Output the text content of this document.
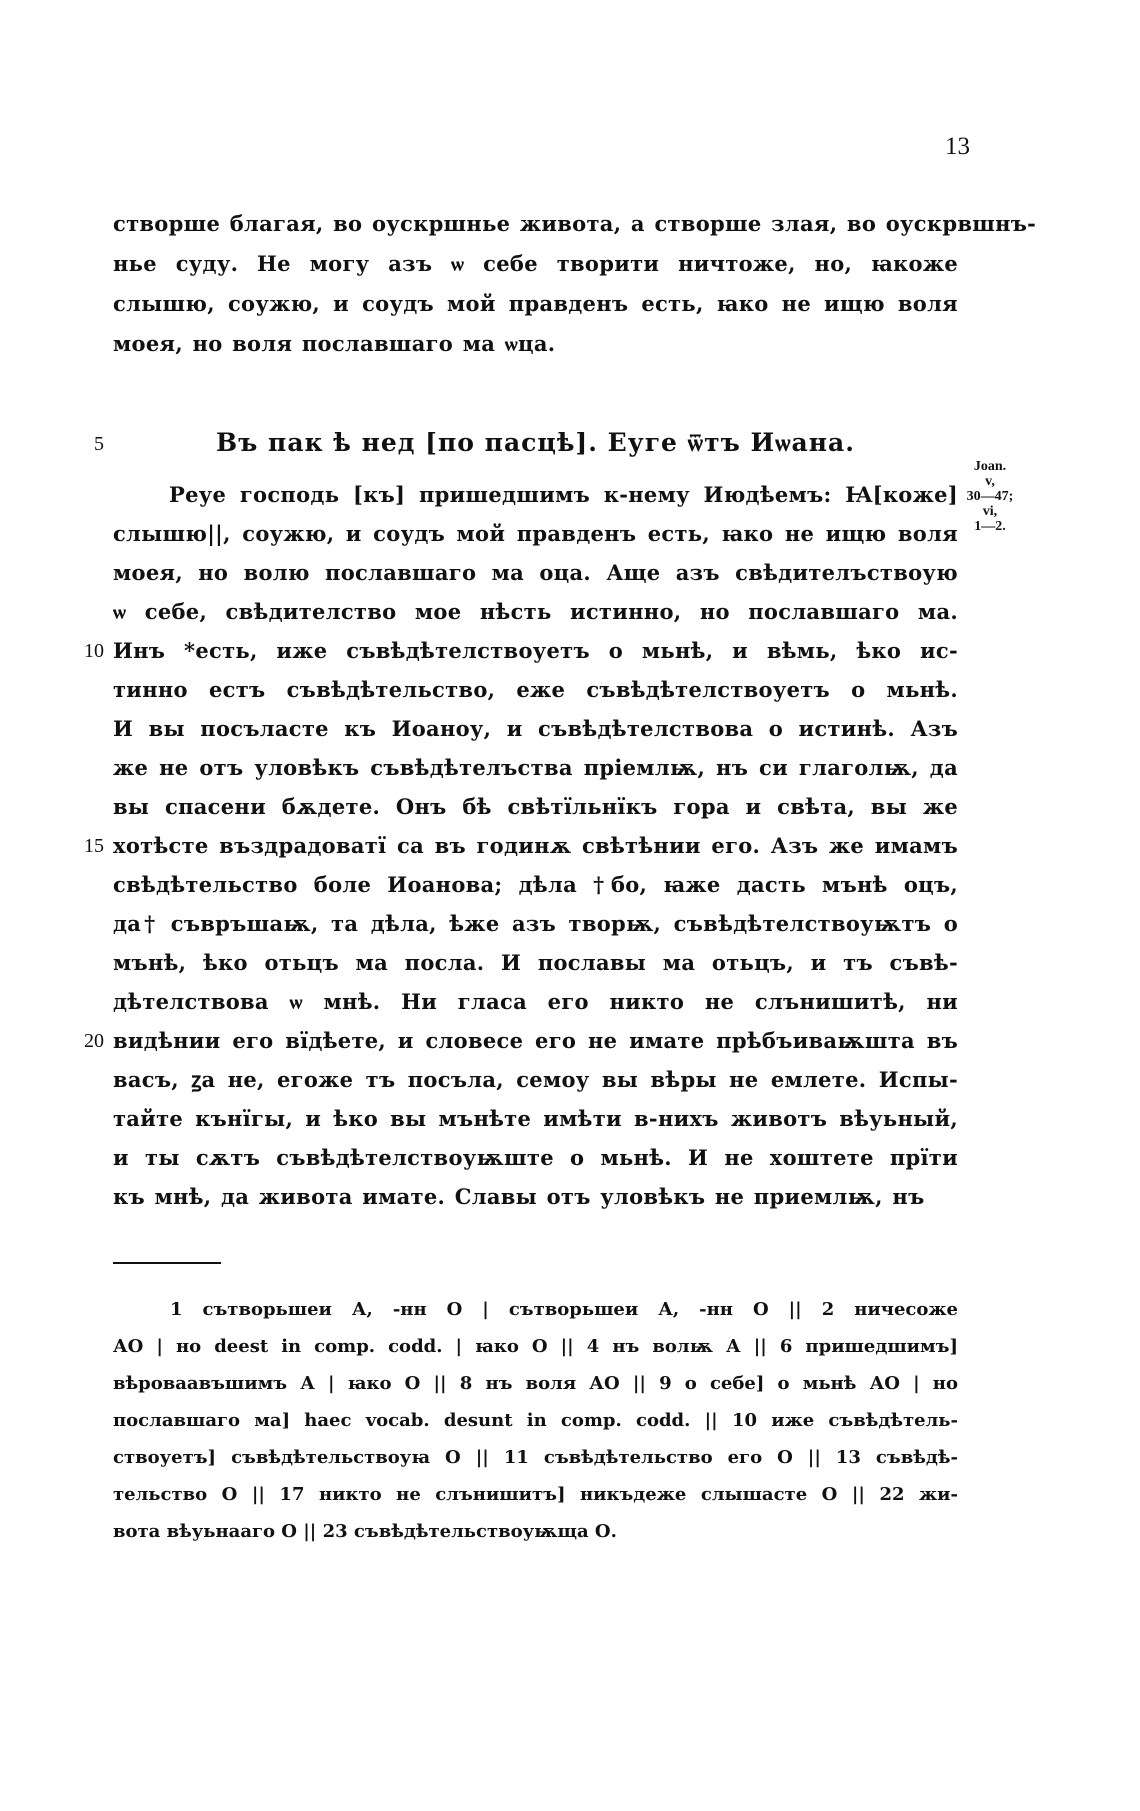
13
створше благая, во оускршнье живота, а створше злая, во оускрвшнъ-
нье суду. Не могу азъ ѡ себе творити ничтоже, но, ꙗкоже
слышю, соужю, и соудъ мой правденъ есть, ꙗко не ищю воля
моея, но воля пославшаго ма ѡца.
5	Въ пак ѣ нед [по пасцѣ]. Еуге ѿтъ Иѡана.
Joan.
v,
30—47;
vi,
1—2.
Реуе господь [къ] пришедшимъ к-нему Июдѣемъ: Ꙗ[коже]
слышю||, соужю, и соудъ мой правденъ есть, ꙗко не ищю воля
моея, но волю пославшаго ма оца. Аще азъ свѣдителъствоую
ѡ себе, свѣдителство мое нѣсть истинно, но пославшаго ма.
Инъ *есть, иже съвѣдѣтелствоуетъ о мьнѣ, и вѣмь, ѣко ис-
тинно естъ съвѣдѣтельство, еже съвѣдѣтелствоуетъ о мьнѣ.
И вы посъласте къ Иоаноу, и съвѣдѣтелствова о истинѣ. Азъ
же не отъ уловѣкъ съвѣдѣтелъства пріемлѭ, нъ си глаголѭ, да
вы спасени бѫдете. Онъ бѣ свѣтїльнїкъ гора и свѣта, вы же
хотѣсте въздрадоватї са въ годинѫ свѣтѣнии его. Азъ же имамъ
свѣдѣтельство боле Иоанова; дѣла †бо, ꙗже дасть мънѣ оцъ,
да† съвръшаѭ, та дѣла, ѣже азъ творѭ, съвѣдѣтелствоуѭтъ о
мънѣ, ѣко отьцъ ма посла. И пославы ма отьцъ, и тъ съвѣ-
дѣтелствова ѡ мнѣ. Ни гласа его никто не слънишитѣ, ни
видѣнии его вїдѣете, и словесе его не имате прѣбъиваѭшта въ
васъ, ꙁа не, егоже тъ посъла, семоу вы вѣры не емлете. Испы-
тайте кънїгы, и ѣко вы мънѣте имѣти в-нихъ животъ вѣуьный,
и ты сѫтъ съвѣдѣтелствоуѭште о мьнѣ. И не хоштете прїти
къ мнѣ, да живота имате. Славы отъ уловѣкъ не приемлѭ, нъ
10
15
20
1 сътворьшеи А, -нн О | сътворьшеи А, -нн О || 2 ничесоже
АО | но deest in comp. codd. | ꙗко О || 4 нъ волѭ А || 6 пришедшимъ]
вѣроваавъшимъ А | ꙗко О || 8 нъ воля АО || 9 о себе] о мьнѣ АО | но
пославшаго ма] haec vocab. desunt in comp. codd. || 10 иже съвѣдѣтель-
ствоуетъ] съвѣдѣтельствоуꙗ О || 11 съвѣдѣтельство его О || 13 съвѣдѣ-
тельство О || 17 никто не слънишитъ] никъдеже слышасте О || 22 жи-
вота вѣуьнааго О || 23 съвѣдѣтельствоуѭща О.
